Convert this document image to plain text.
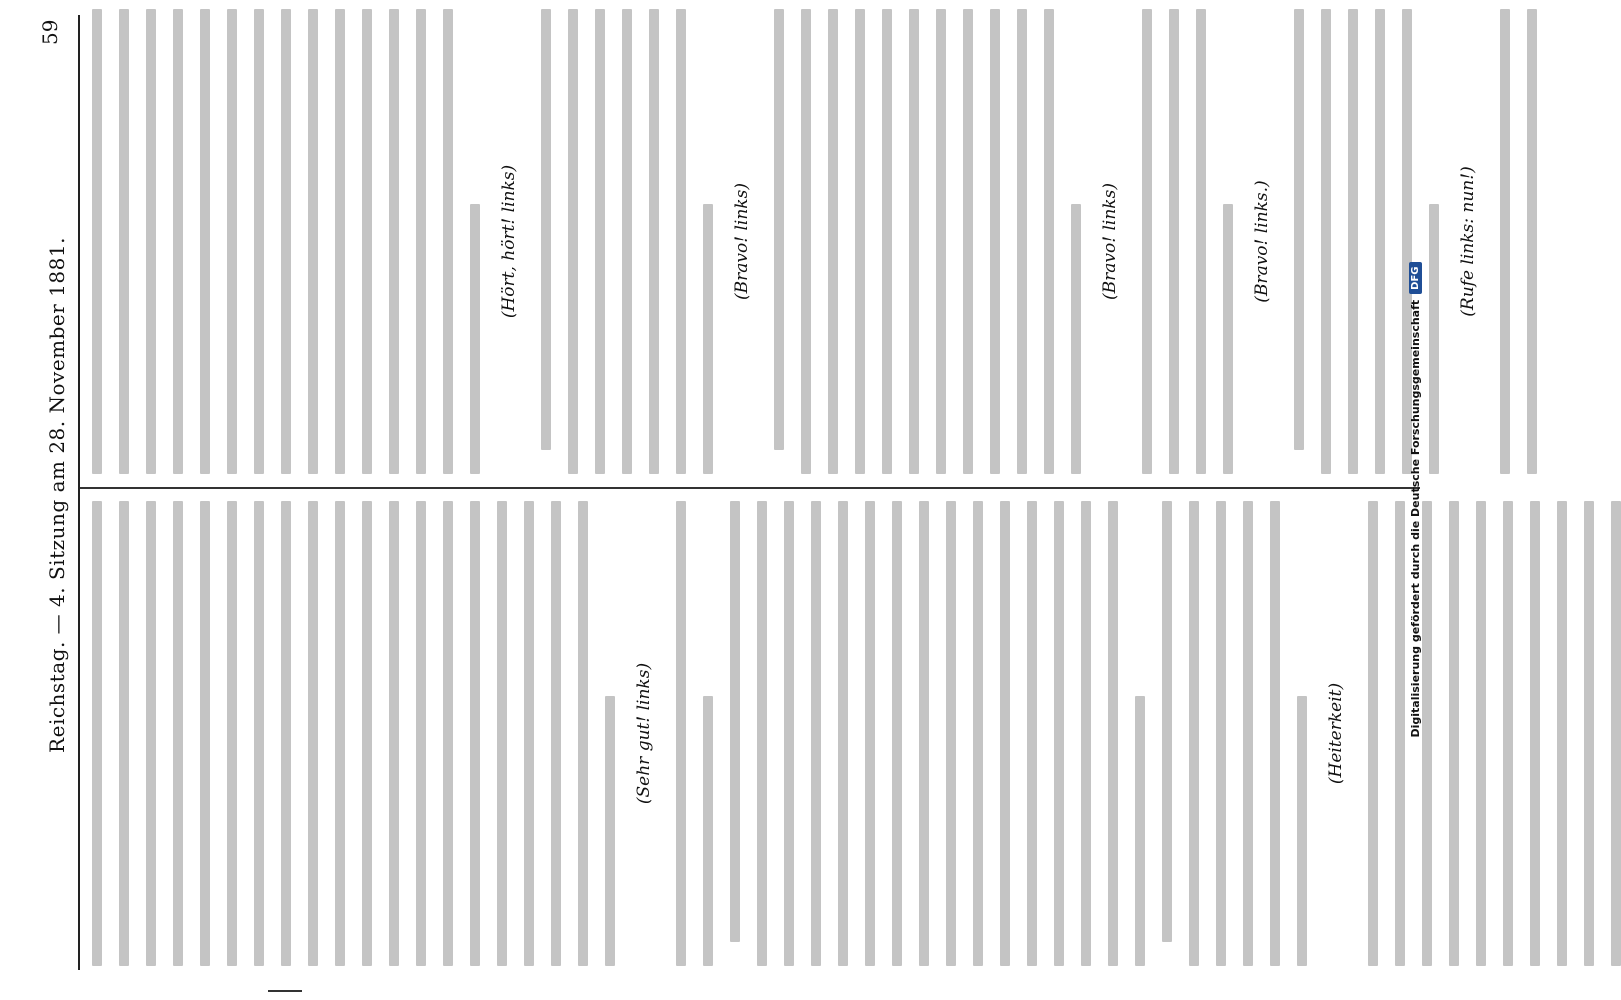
Reichstag. — 4. Sitzung am 28. November 1881.
59
(Sehr gut! links)	(Heiterkeit)
(Hört, hört! links)	(Bravo! links)	(Bravo! links)	(Bravo! links.)	(Rufe links: nun!)
Digitalisierung gefördert durch die Deutsche Forschungsgemeinschaft
DFG
